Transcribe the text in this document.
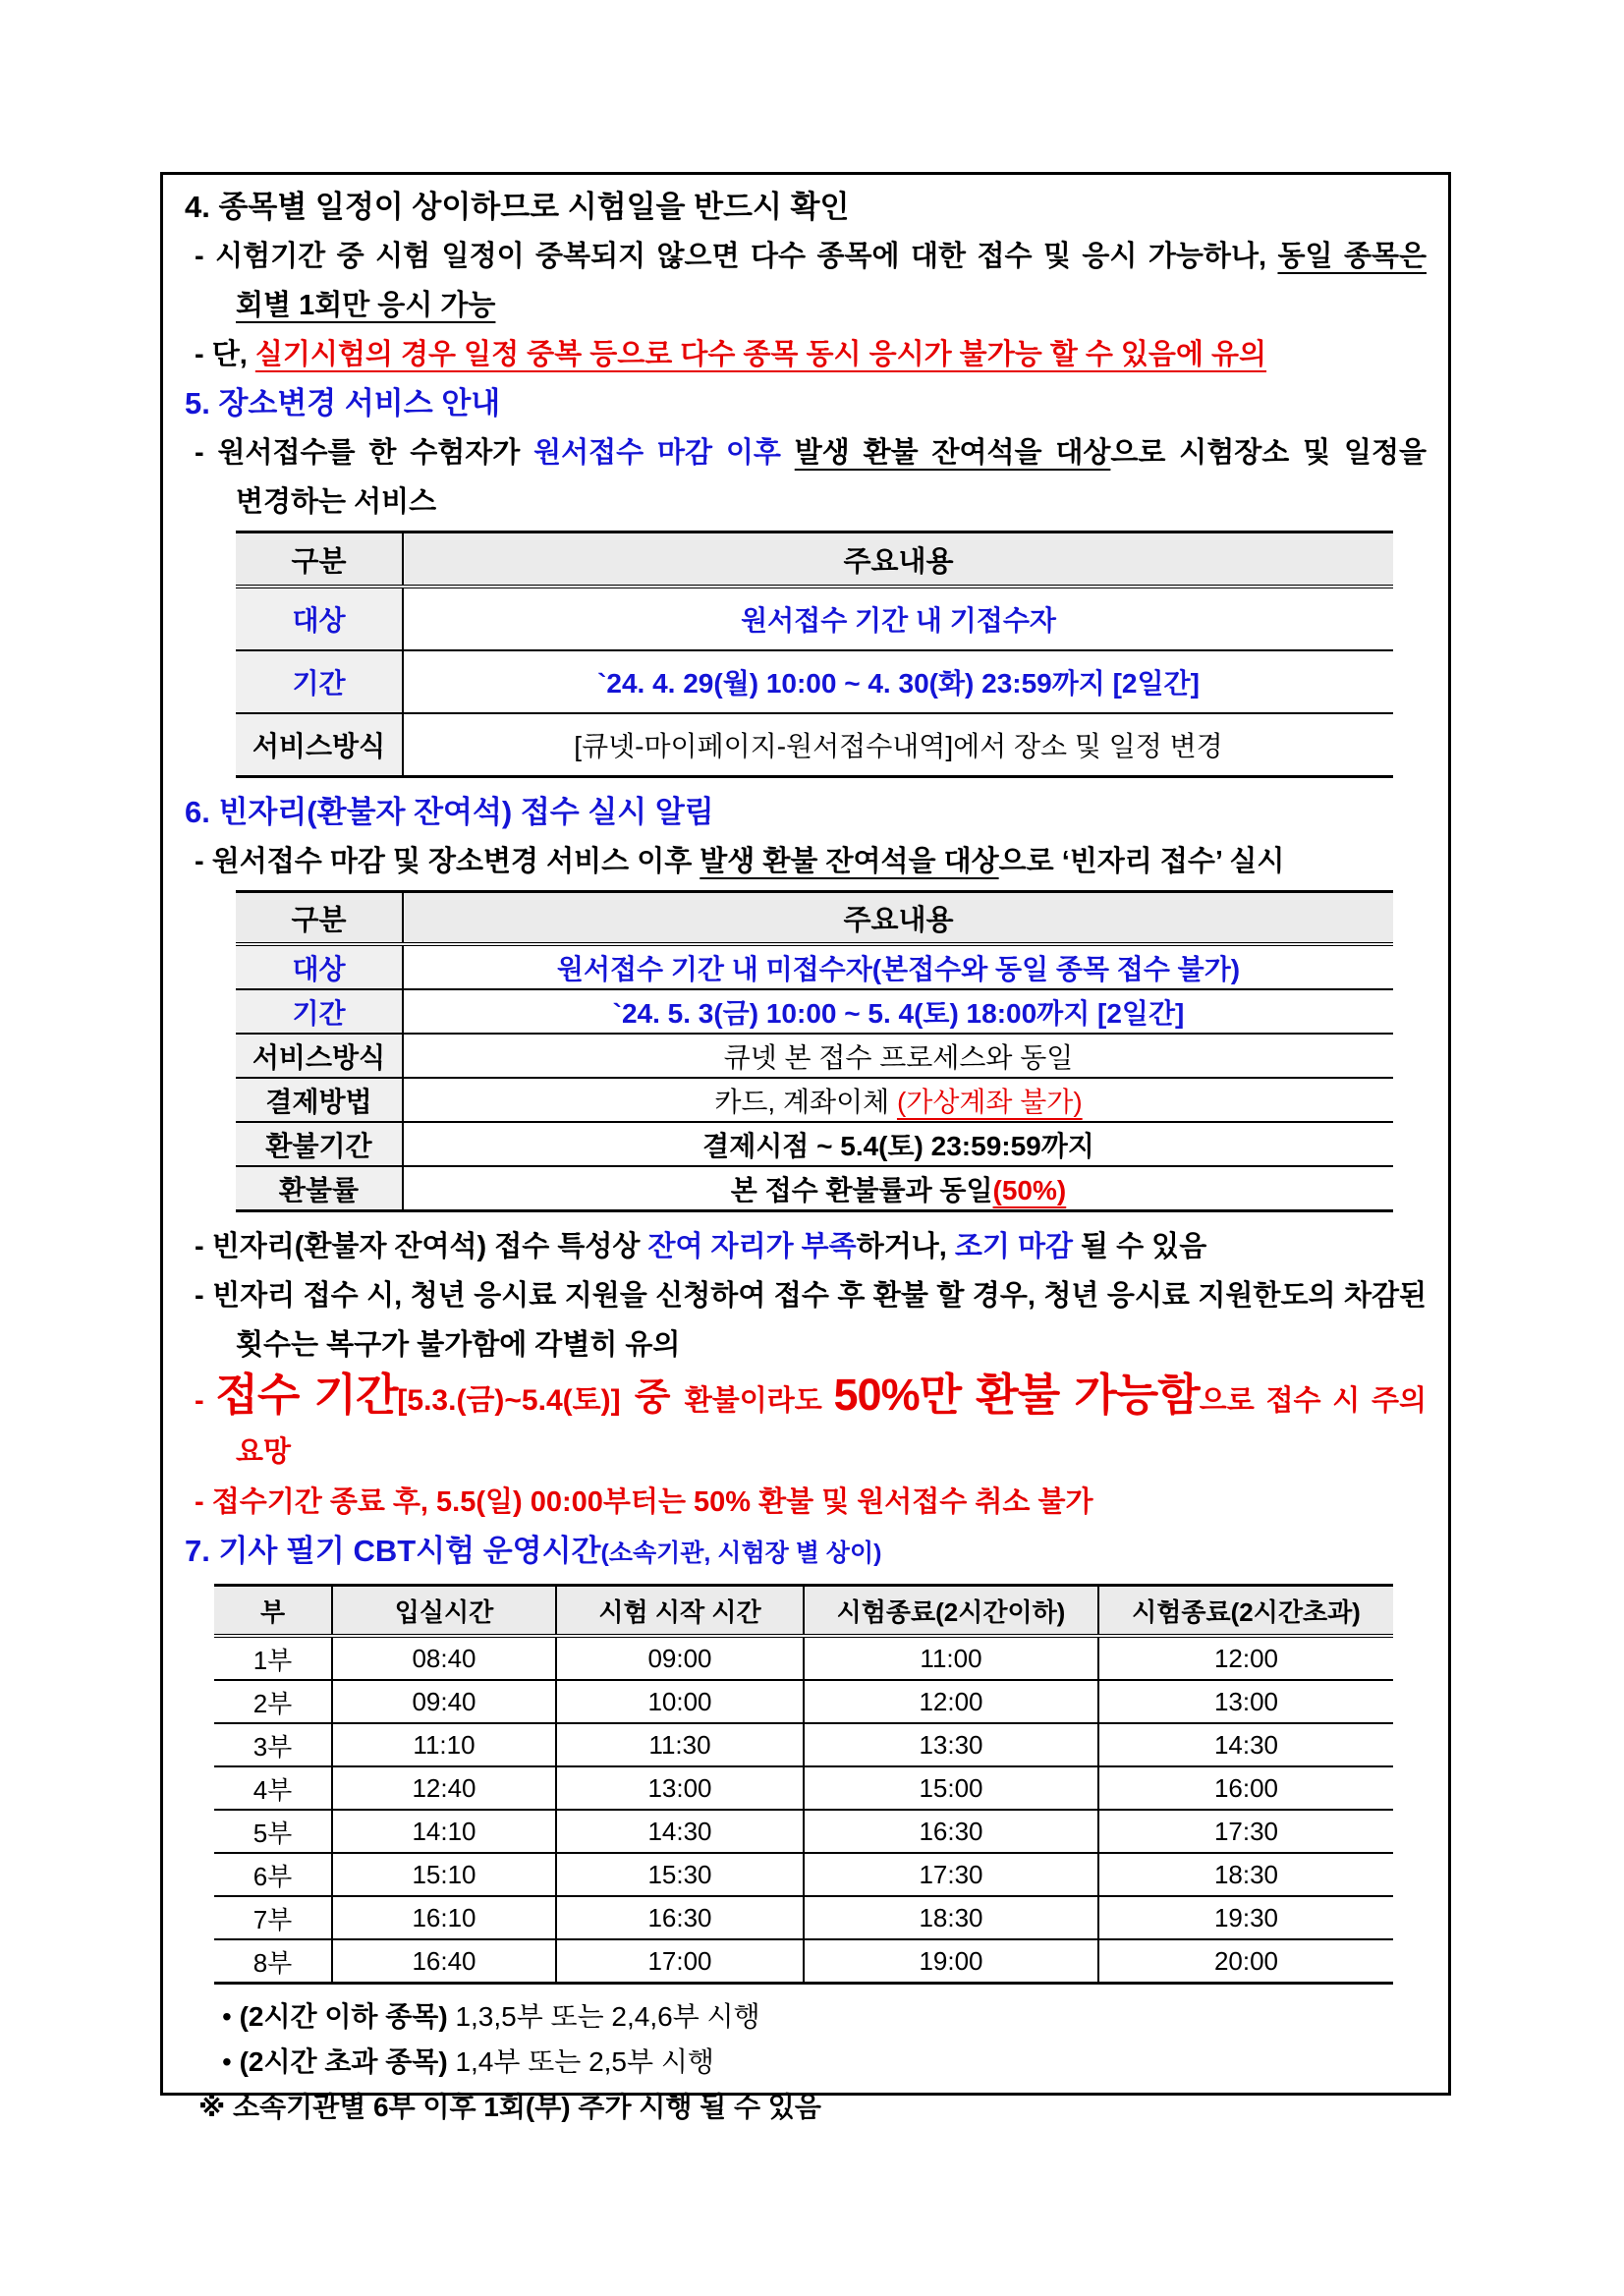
4. 종목별 일정이 상이하므로 시험일을 반드시 확인

- 시험기간 중 시험 일정이 중복되지 않으면 다수 종목에 대한 접수 및 응시 가능하나, 동일 종목은 회별 1회만 응시 가능

- 단, 실기시험의 경우 일정 중복 등으로 다수 종목 동시 응시가 불가능 할 수 있음에 유의

5. 장소변경 서비스 안내

- 원서접수를 한 수험자가 원서접수 마감 이후 발생 환불 잔여석을 대상으로 시험장소 및 일정을 변경하는 서비스

구분	주요내용
대상	원서접수 기간 내 기접수자
기간	`24. 4. 29(월) 10:00 ~ 4. 30(화) 23:59까지 [2일간]
서비스방식	[큐넷-마이페이지-원서접수내역]에서 장소 및 일정 변경

6. 빈자리(환불자 잔여석) 접수 실시 알림

- 원서접수 마감 및 장소변경 서비스 이후 발생 환불 잔여석을 대상으로 ‘빈자리 접수’ 실시

구분	주요내용
대상	원서접수 기간 내 미접수자(본접수와 동일 종목 접수 불가)
기간	`24. 5. 3(금) 10:00 ~ 5. 4(토) 18:00까지 [2일간]
서비스방식	큐넷 본 접수 프로세스와 동일
결제방법	카드, 계좌이체 (가상계좌 불가)
환불기간	결제시점 ~ 5.4(토) 23:59:59까지
환불률	본 접수 환불률과 동일(50%)

- 빈자리(환불자 잔여석) 접수 특성상 잔여 자리가 부족하거나, 조기 마감 될 수 있음

- 빈자리 접수 시, 청년 응시료 지원을 신청하여 접수 후 환불 할 경우, 청년 응시료 지원한도의 차감된 횟수는 복구가 불가함에 각별히 유의

- 접수 기간[5.3.(금)~5.4(토)] 중 환불이라도 50%만 환불 가능함으로 접수 시 주의 요망

- 접수기간 종료 후, 5.5(일) 00:00부터는 50% 환불 및 원서접수 취소 불가

7. 기사 필기 CBT시험 운영시간(소속기관, 시험장 별 상이)

부	입실시간	시험 시작 시간	시험종료(2시간이하)	시험종료(2시간초과)
1부	08:40	09:00	11:00	12:00
2부	09:40	10:00	12:00	13:00
3부	11:10	11:30	13:30	14:30
4부	12:40	13:00	15:00	16:00
5부	14:10	14:30	16:30	17:30
6부	15:10	15:30	17:30	18:30
7부	16:10	16:30	18:30	19:30
8부	16:40	17:00	19:00	20:00

• (2시간 이하 종목) 1,3,5부 또는 2,4,6부 시행

• (2시간 초과 종목) 1,4부 또는 2,5부 시행

※ 소속기관별 6부 이후 1회(부) 추가 시행 될 수 있음
